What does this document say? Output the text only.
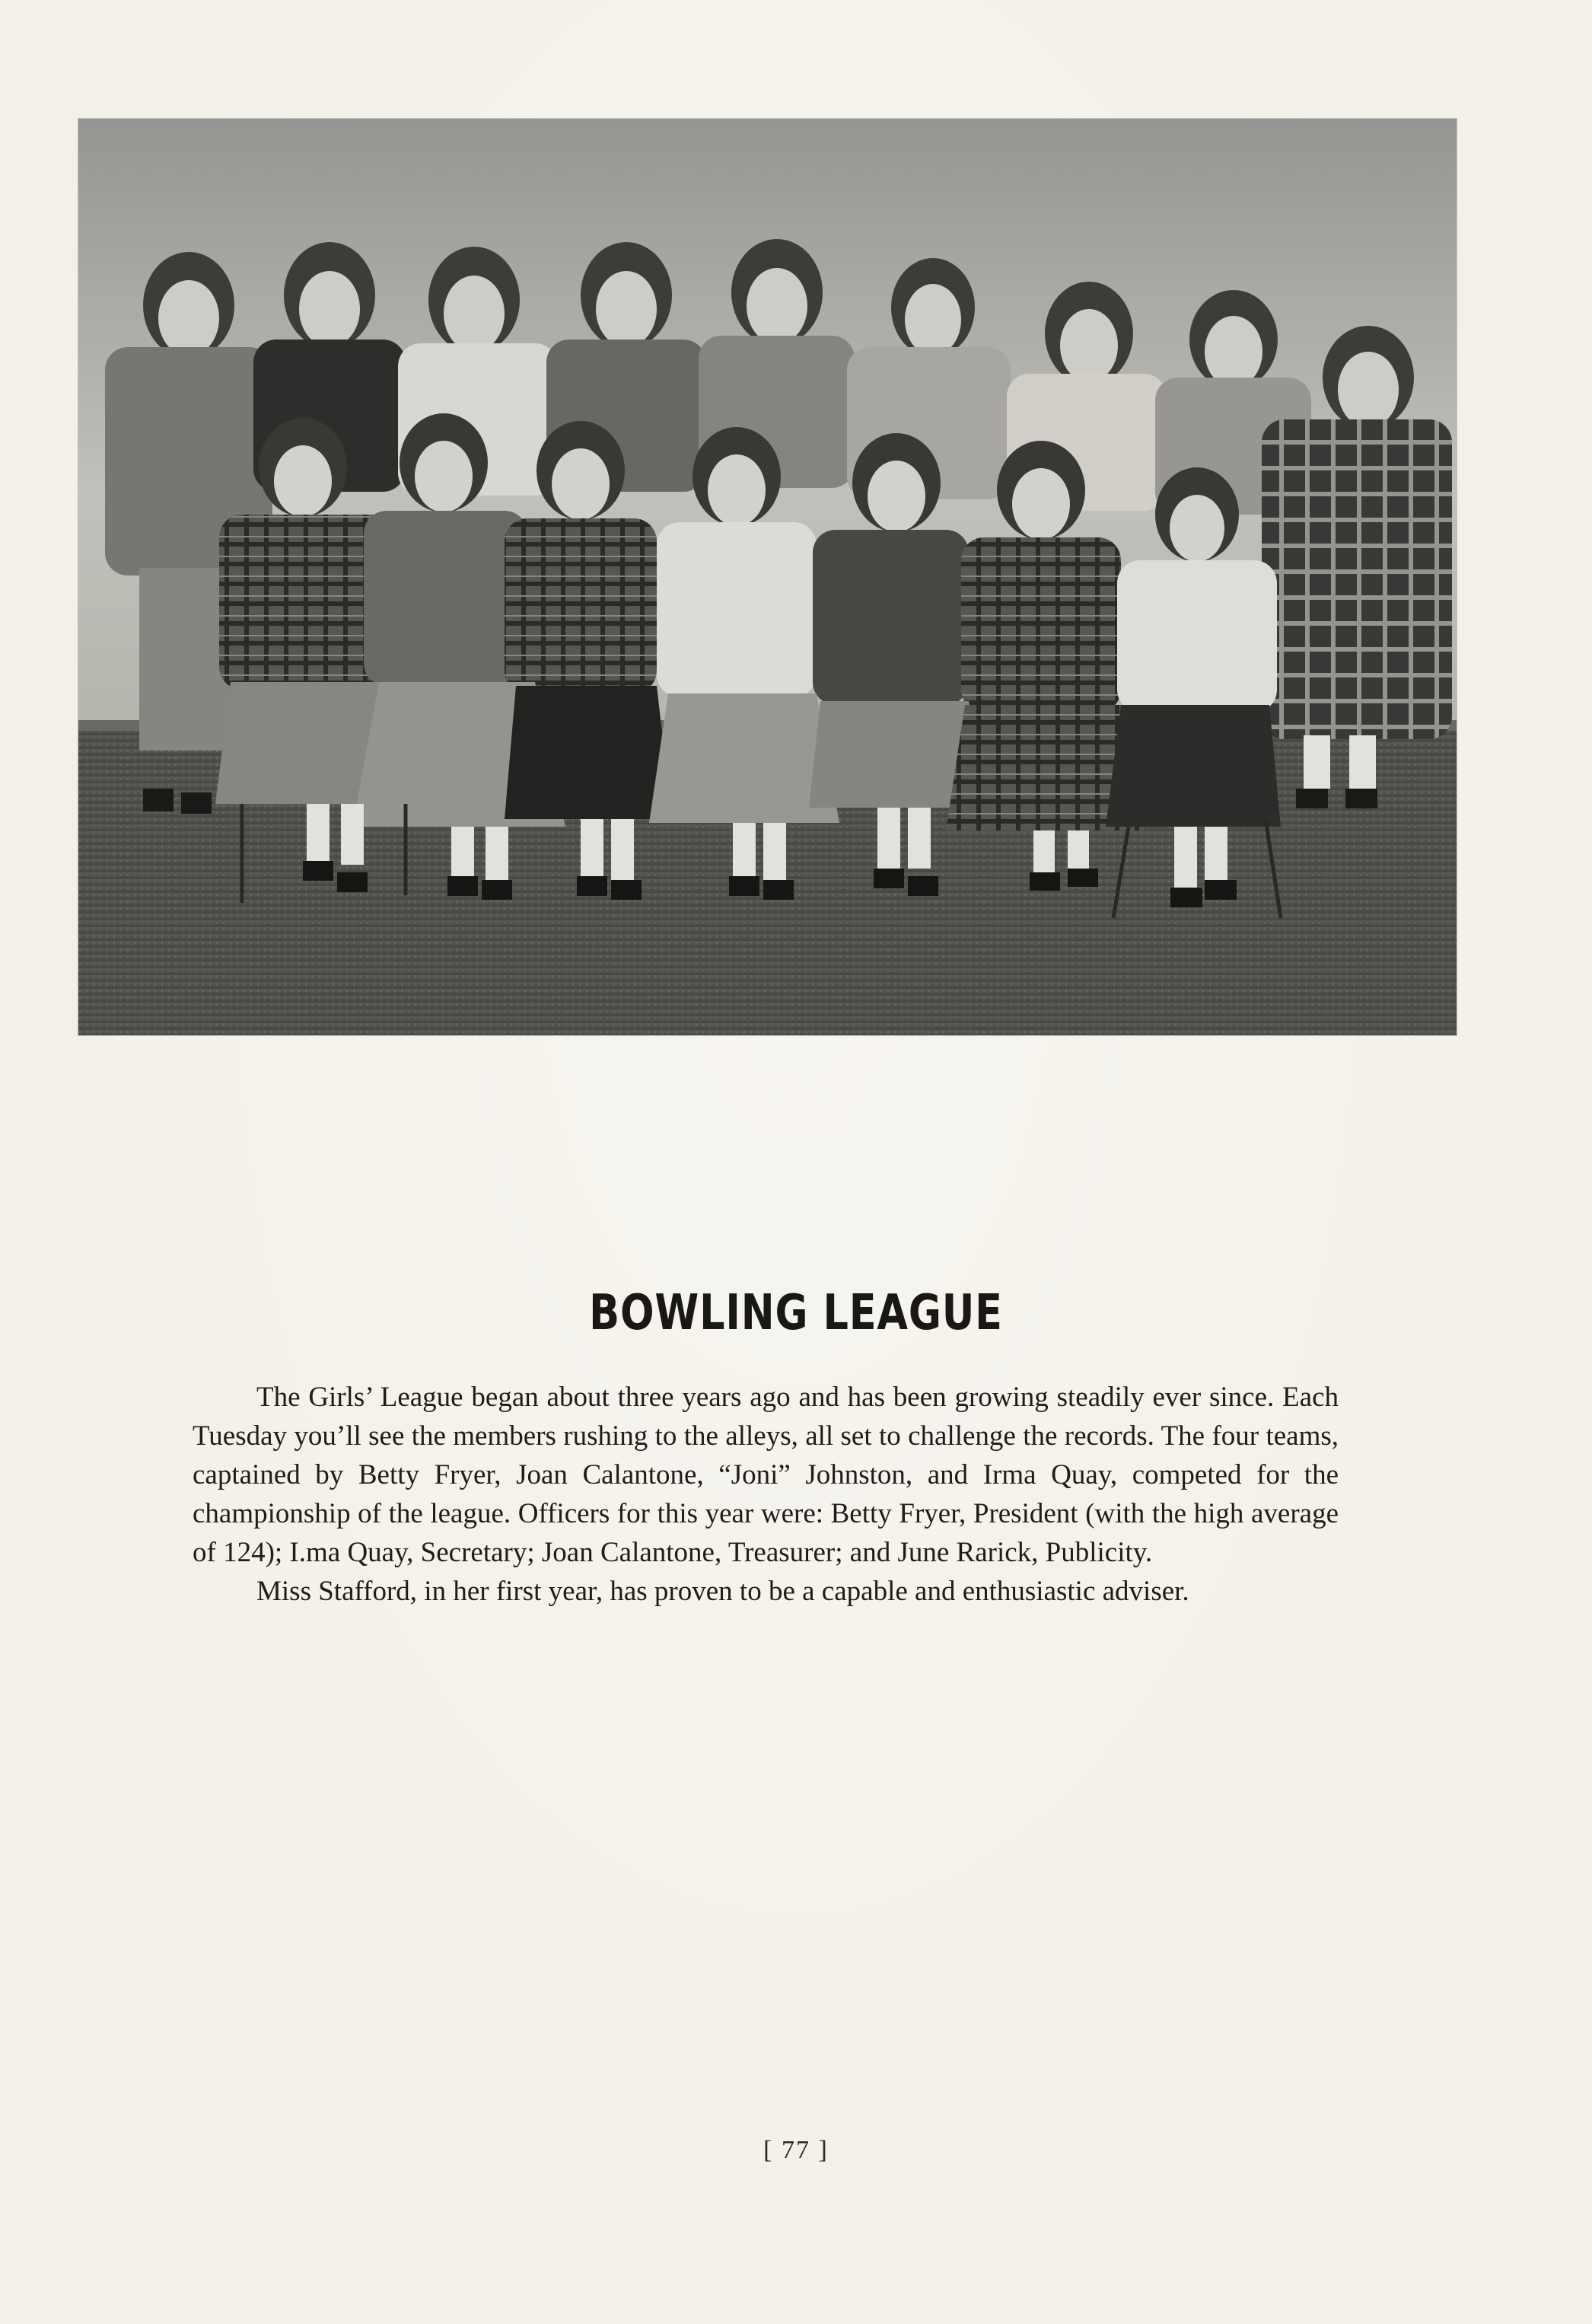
BOWLING LEAGUE

The Girls’ League began about three years ago and has been growing steadily ever since. Each Tuesday you’ll see the members rushing to the alleys, all set to challenge the records. The four teams, captained by Betty Fryer, Joan Calantone, “Joni” Johnston, and Irma Quay, competed for the championship of the league. Officers for this year were: Betty Fryer, President (with the high average of 124); I.ma Quay, Secretary; Joan Calantone, Treasurer; and June Rarick, Publicity.

Miss Stafford, in her first year, has proven to be a capable and enthusiastic adviser.

[ 77 ]
